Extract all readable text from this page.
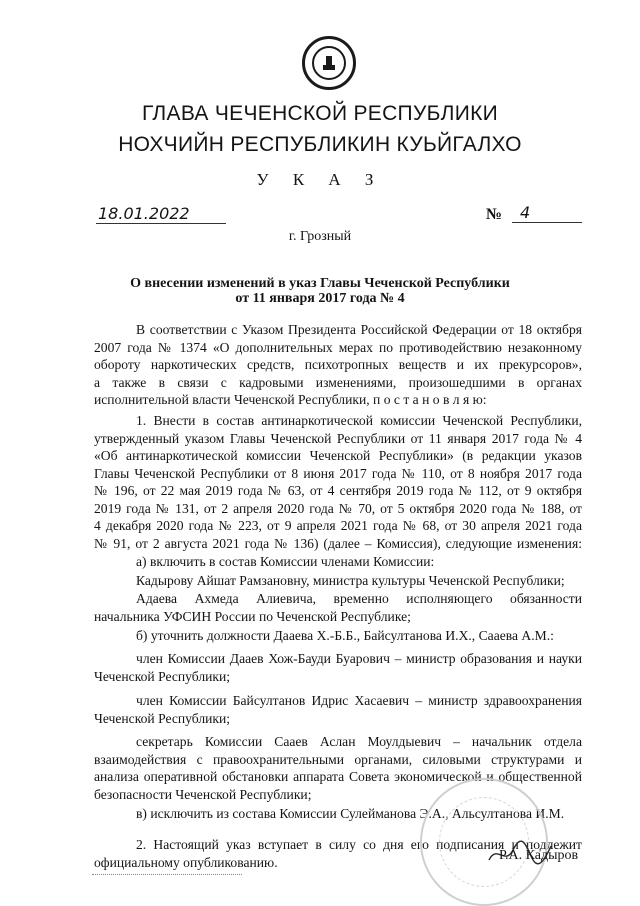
ГЛАВА ЧЕЧЕНСКОЙ РЕСПУБЛИКИ
НОХЧИЙН РЕСПУБЛИКИН КУЬЙГАЛХО
У К А З
18.01.2022	№	4
г. Грозный
О внесении изменений в указ Главы Чеченской Республики
от 11 января 2017 года № 4

В соответствии с Указом Президента Российской Федерации от 18 октября

2007 года № 1374 «О дополнительных мерах по противодействию незаконному

обороту наркотических средств, психотропных веществ и их прекурсоров»,

а также в связи с кадровыми изменениями, произошедшими в органах

исполнительной власти Чеченской Республики, п о с т а н о в л я ю:

1. Внести в состав антинаркотической комиссии Чеченской Республики,

утвержденный указом Главы Чеченской Республики от 11 января 2017 года № 4

«Об антинаркотической комиссии Чеченской Республики» (в редакции указов

Главы Чеченской Республики от 8 июня 2017 года № 110, от 8 ноября 2017 года

№ 196, от 22 мая 2019 года № 63, от 4 сентября 2019 года № 112, от 9 октября

2019 года № 131, от 2 апреля 2020 года № 70, от 5 октября 2020 года № 188, от

4 декабря 2020 года № 223, от 9 апреля 2021 года № 68, от 30 апреля 2021 года

№ 91, от 2 августа 2021 года № 136) (далее – Комиссия), следующие изменения:

а) включить в состав Комиссии членами Комиссии:

Кадырову Айшат Рамзановну, министра культуры Чеченской Республики;

Адаева Ахмеда Алиевича, временно исполняющего обязанности

начальника УФСИН России по Чеченской Республике;

б) уточнить должности Дааева Х.-Б.Б., Байсултанова И.Х., Сааева А.М.:

член Комиссии Дааев Хож-Бауди Буарович – министр образования и науки

Чеченской Республики;

член Комиссии Байсултанов Идрис Хасаевич – министр здравоохранения

Чеченской Республики;

секретарь Комиссии Сааев Аслан Моулдыевич – начальник отдела

взаимодействия с правоохранительными органами, силовыми структурами и

анализа оперативной обстановки аппарата Совета экономической и общественной

безопасности Чеченской Республики;

в) исключить из состава Комиссии Сулейманова Э.А., Альсултанова И.М.

2. Настоящий указ вступает в силу со дня его подписания и подлежит

официальному опубликованию.	Р.А. Кадыров
